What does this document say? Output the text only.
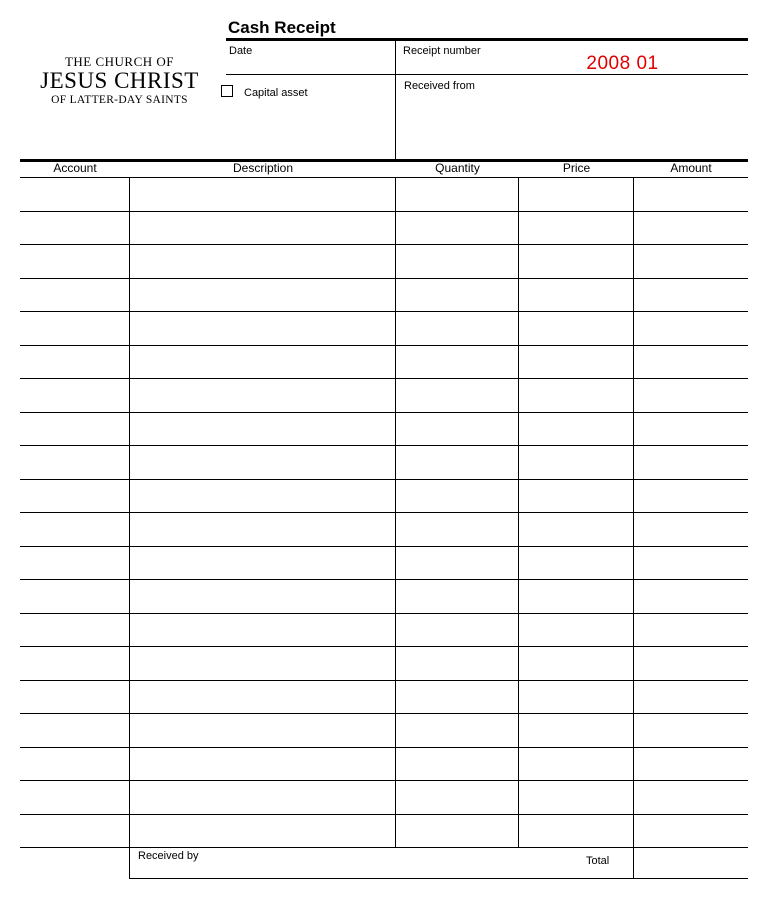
THE CHURCH OF
JESUS CHRIST
OF LATTER-DAY SAINTS
Cash Receipt
Date	Receipt number
2008 01
Capital asset
Received from
Account	Description	Quantity	Price	Amount
Received by	Total
